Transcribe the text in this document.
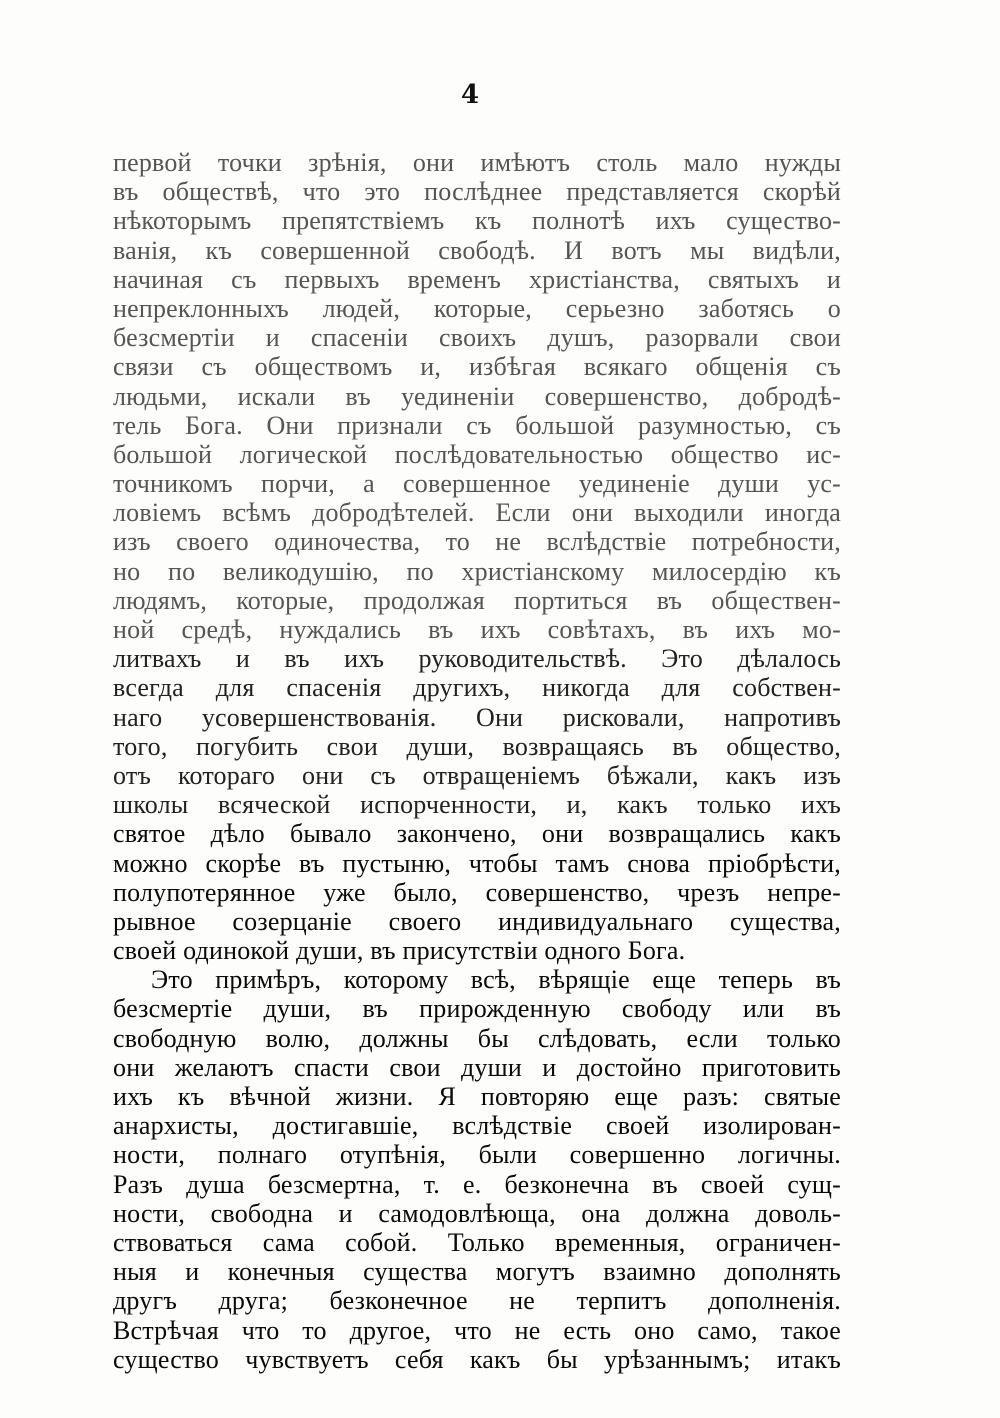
4
первой точки зрѣнія, они имѣютъ столь мало нужды
въ обществѣ, что это послѣднее представляется скорѣй
нѣкоторымъ препятствіемъ къ полнотѣ ихъ существо-
ванія, къ совершенной свободѣ. И вотъ мы видѣли,
начиная съ первыхъ временъ христіанства, святыхъ и
непреклонныхъ людей, которые, серьезно заботясь о
безсмертіи и спасеніи своихъ душъ, разорвали свои
связи съ обществомъ и, избѣгая всякаго общенія съ
людьми, искали въ уединеніи совершенство, добродѣ-
тель Бога. Они признали съ большой разумностью, съ
большой логической послѣдовательностью общество ис-
точникомъ порчи, а совершенное уединеніе души ус-
ловіемъ всѣмъ добродѣтелей. Если они выходили иногда
изъ своего одиночества, то не вслѣдствіе потребности,
но по великодушію, по христіанскому милосердію къ
людямъ, которые, продолжая портиться въ обществен-
ной средѣ, нуждались въ ихъ совѣтахъ, въ ихъ мо-
литвахъ и въ ихъ руководительствѣ. Это дѣлалось
всегда для спасенія другихъ, никогда для собствен-
наго усовершенствованія. Они рисковали, напротивъ
того, погубить свои души, возвращаясь въ общество,
отъ котораго они съ отвращеніемъ бѣжали, какъ изъ
школы всяческой испорченности, и, какъ только ихъ
святое дѣло бывало закончено, они возвращались какъ
можно скорѣе въ пустыню, чтобы тамъ снова пріобрѣсти,
полупотерянное уже было, совершенство, чрезъ непре-
рывное созерцаніе своего индивидуальнаго существа,
своей одинокой души, въ присутствіи одного Бога.
Это примѣръ, которому всѣ, вѣрящіе еще теперь въ
безсмертіе души, въ прирожденную свободу или въ
свободную волю, должны бы слѣдовать, если только
они желаютъ спасти свои души и достойно приготовить
ихъ къ вѣчной жизни. Я повторяю еще разъ: святые
анархисты, достигавшіе, вслѣдствіе своей изолирован-
ности, полнаго отупѣнія, были совершенно логичны.
Разъ душа безсмертна, т. е. безконечна въ своей сущ-
ности, свободна и самодовлѣюща, она должна доволь-
ствоваться сама собой. Только временныя, ограничен-
ныя и конечныя существа могутъ взаимно дополнять
другъ друга; безконечное не терпитъ дополненія.
Встрѣчая что то другое, что не есть оно само, такое
существо чувствуетъ себя какъ бы урѣзаннымъ; итакъ
